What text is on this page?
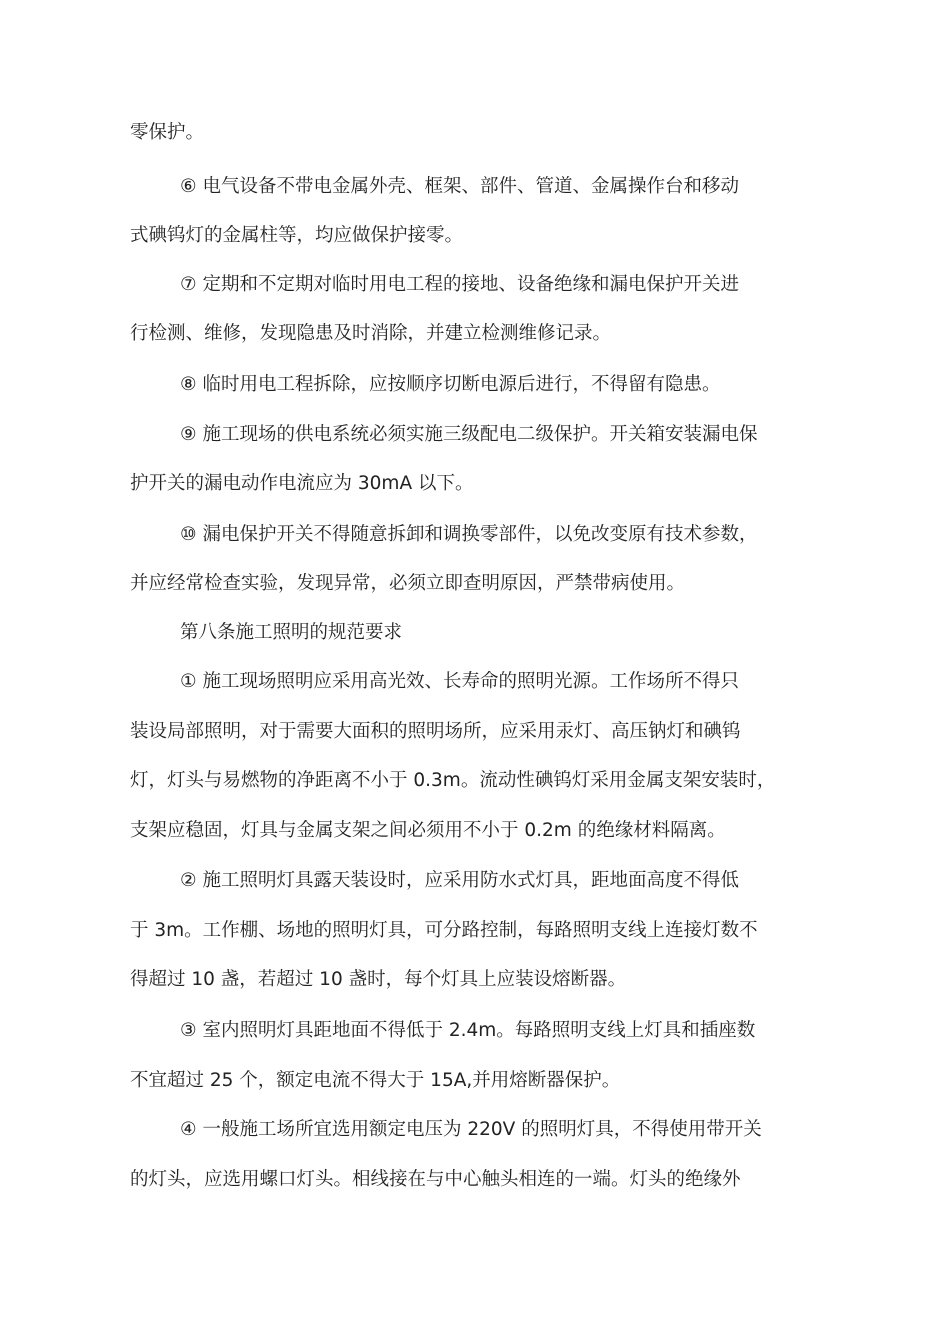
零保护。
⑥ 电气设备不带电金属外壳、框架、部件、管道、金属操作台和移动
式碘钨灯的金属柱等，均应做保护接零。
⑦ 定期和不定期对临时用电工程的接地、设备绝缘和漏电保护开关进
行检测、维修，发现隐患及时消除，并建立检测维修记录。
⑧ 临时用电工程拆除，应按顺序切断电源后进行，不得留有隐患。
⑨ 施工现场的供电系统必须实施三级配电二级保护。开关箱安装漏电保
护开关的漏电动作电流应为 30mA 以下。
⑩ 漏电保护开关不得随意拆卸和调换零部件，以免改变原有技术参数，
并应经常检查实验，发现异常，必须立即查明原因，严禁带病使用。
第八条施工照明的规范要求
① 施工现场照明应采用高光效、长寿命的照明光源。工作场所不得只
装设局部照明，对于需要大面积的照明场所，应采用汞灯、高压钠灯和碘钨
灯，灯头与易燃物的净距离不小于 0.3m。流动性碘钨灯采用金属支架安装时，
支架应稳固，灯具与金属支架之间必须用不小于 0.2m 的绝缘材料隔离。
② 施工照明灯具露天装设时，应采用防水式灯具，距地面高度不得低
于 3m。工作棚、场地的照明灯具，可分路控制，每路照明支线上连接灯数不
得超过 10 盏，若超过 10 盏时，每个灯具上应装设熔断器。
③ 室内照明灯具距地面不得低于 2.4m。每路照明支线上灯具和插座数
不宜超过 25 个，额定电流不得大于 15A,并用熔断器保护。
④ 一般施工场所宜选用额定电压为 220V 的照明灯具，不得使用带开关
的灯头，应选用螺口灯头。相线接在与中心触头相连的一端。灯头的绝缘外
